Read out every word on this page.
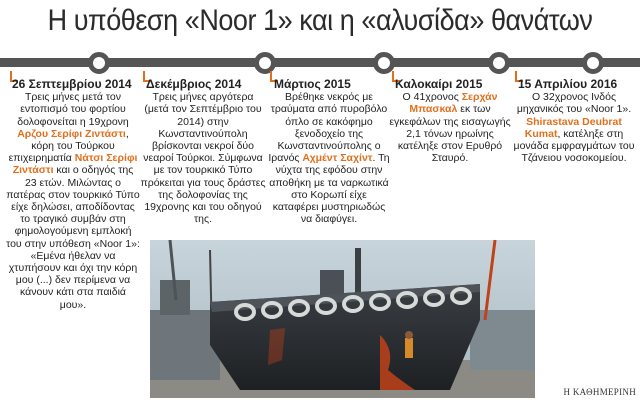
Η υπόθεση «Noor 1» και η «αλυσίδα» θανάτων
26 Σεπτεμβρίου 2014
Τρεις μήνες μετά τον εντοπισμό του φορτίου δολοφονείται η 19χρονη Αρζου Σερίφι Ζιντάστι, κόρη του Τούρκου επιχειρηματία Νάτσι Σερίφι Ζιντάστι και ο οδηγός της 23 ετών. Μιλώντας ο πατέρας στον τουρκικό Τύπο είχε δηλώσει, αποδίδοντας το τραγικό συμβάν στη φημολογούμενη εμπλοκή του στην υπόθεση «Noor 1»: «Εμένα ήθελαν να χτυπήσουν και όχι την κόρη μου (...) δεν περίμενα να κάνουν κάτι στα παιδιά μου».
Δεκέμβριος 2014
Τρεις μήνες αργότερα (μετά τον Σεπτέμβριο του 2014) στην Κωνσταντινούπολη βρίσκονται νεκροί δύο νεαροί Τούρκοι. Σύμφωνα με τον τουρκικό Τύπο πρόκειται για τους δράστες της δολοφονίας της 19χρονης και του οδηγού της.
Μάρτιος 2015
Βρέθηκε νεκρός με τραύματα από πυροβόλο όπλο σε κακόφημο ξενοδοχείο της Κωνσταντινούπολης ο Ιρανός Αχμέντ Σαχίντ. Τη νύχτα της εφόδου στην αποθήκη με τα ναρκωτικά στο Κορωπί είχε καταφέρει μυστηριωδώς να διαφύγει.
Καλοκαίρι 2015
Ο 41χρονος Σερχάν Μπασκαλ εκ των εγκεφάλων της εισαγωγής 2,1 τόνων ηρωίνης κατέληξε στον Ερυθρό Σταυρό.
15 Απριλίου 2016
Ο 32χρονος Ινδός μηχανικός του «Noor 1». Shirastava Deubrat Kumat, κατέληξε στη μονάδα εμφραγμάτων του Τζάνειου νοσοκομείου.
Η ΚΑΘΗΜΕΡΙΝΗ
